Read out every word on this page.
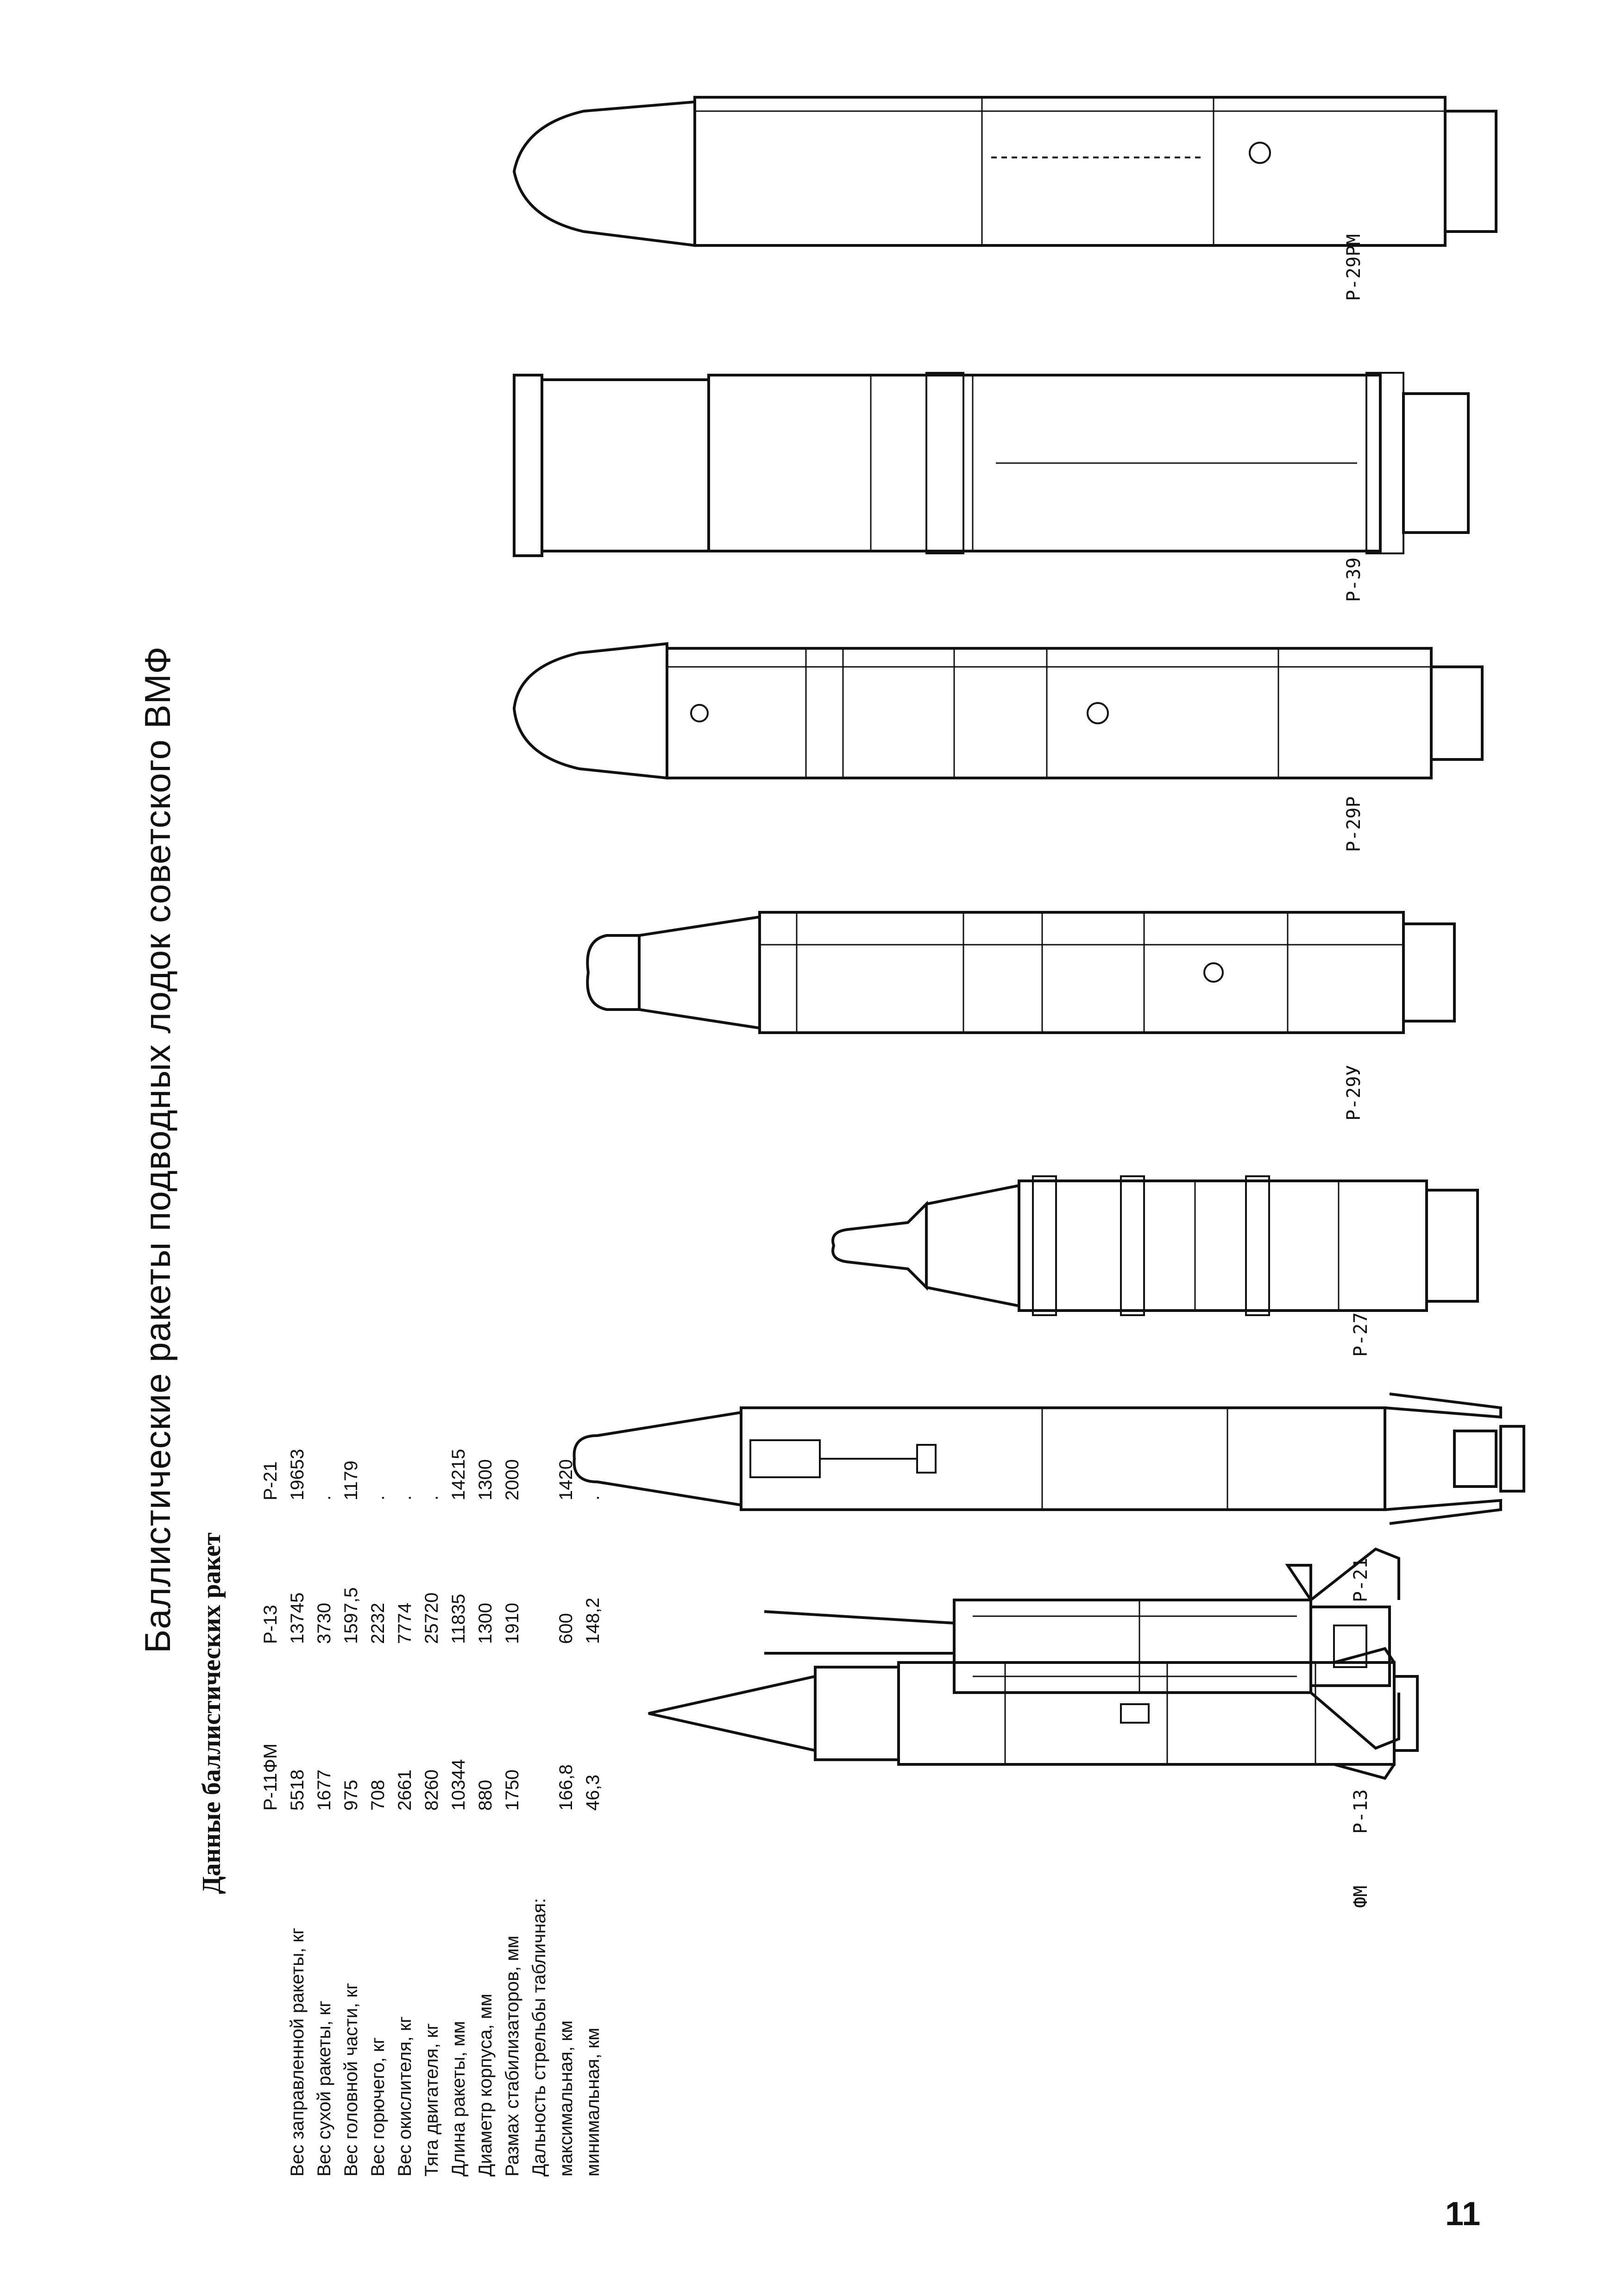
Баллистические ракеты подводных лодок советского ВМФ
Данные баллистических ракет Р-11ФМ
Р-13
Р-21
Вес заправленной ракеты, кг
5518
13745
19653
Вес сухой ракеты, кг
1677
3730
.
Вес головной части, кг
975
1597,5
1179
Вес горючего, кг
708
2232
.
Вес окислителя, кг
2661
7774
.
Тяга двигателя, кг
8260
25720
.
Длина ракеты, мм
10344
11835
14215
Диаметр корпуса, мм
880
1300
1300
Размах стабилизаторов, мм
1750
1910
2000
Дальность стрельбы табличная: максимальная, км
166,8
600
1420
минимальная, км
46,3
148,2
.
ФМ
Р-13
Р-21
Р-27
Р-29У
Р-29Р
Р-39
Р-29РМ
11
